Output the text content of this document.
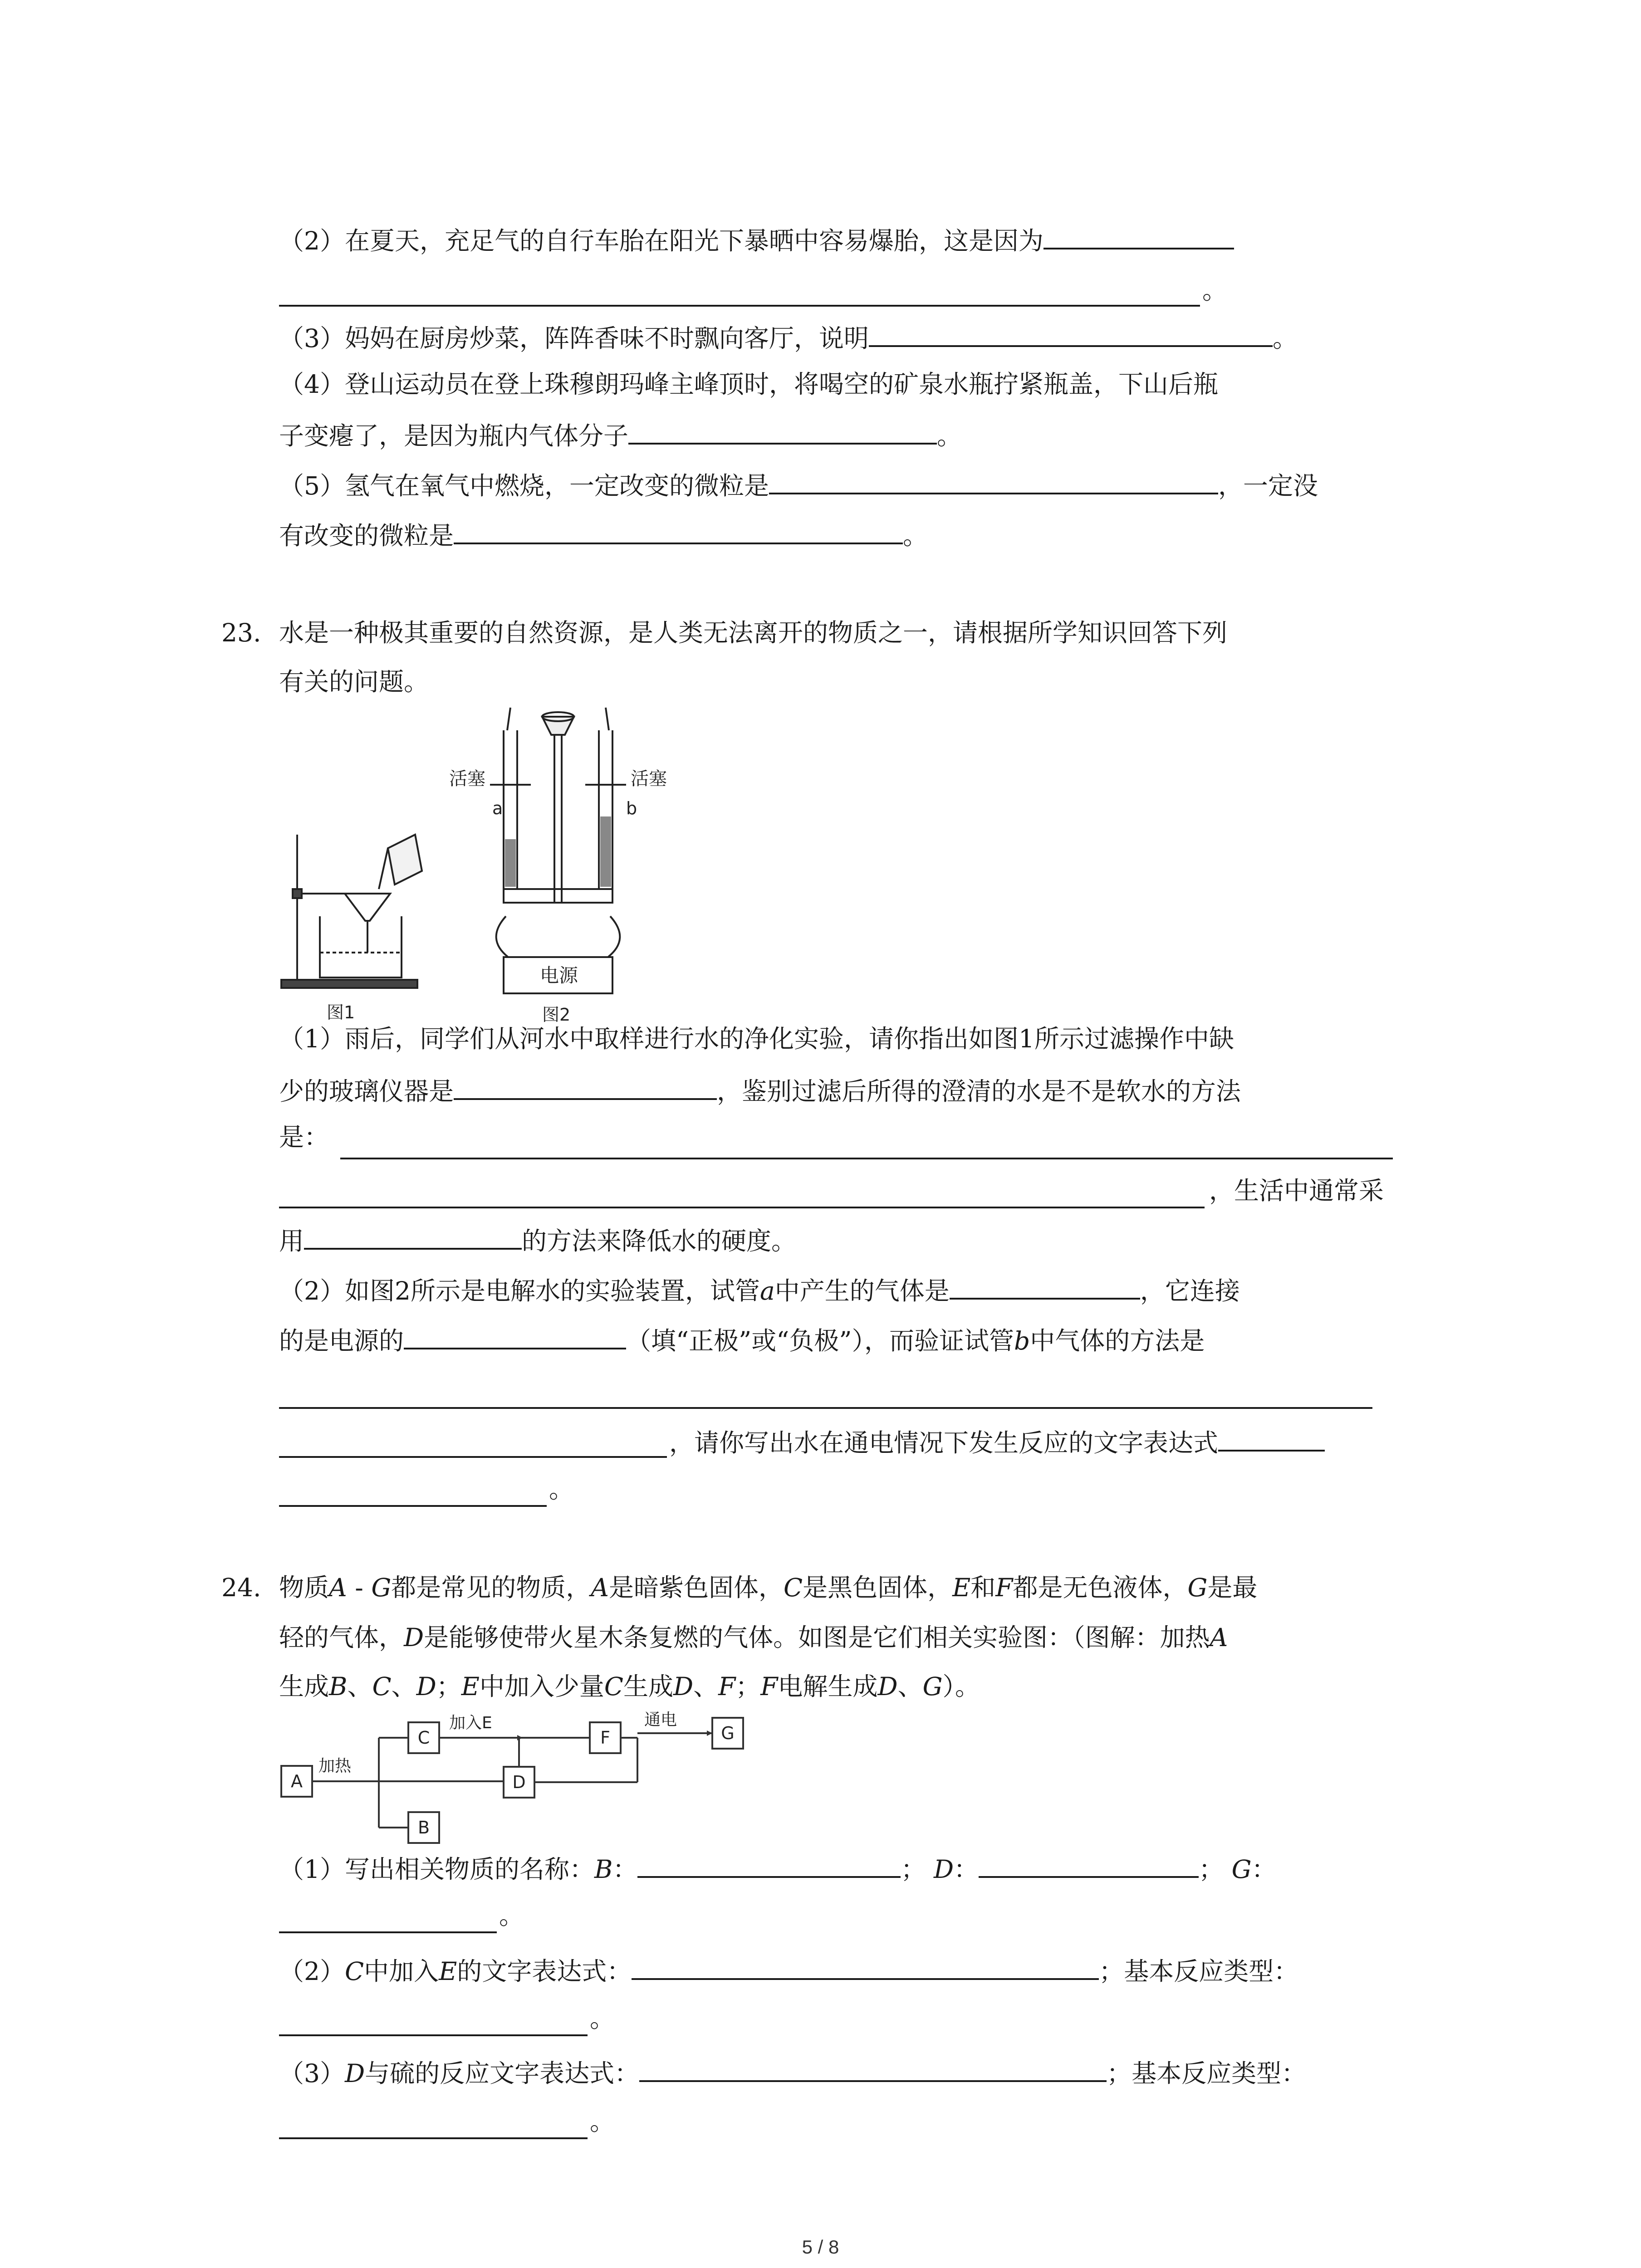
（2）在夏天，充足气的自行车胎在阳光下暴晒中容易爆胎，这是因为
。
（3）妈妈在厨房炒菜，阵阵香味不时飘向客厅，说明	。
（4）登山运动员在登上珠穆朗玛峰主峰顶时，将喝空的矿泉水瓶拧紧瓶盖，下山后瓶
子变瘪了，是因为瓶内气体分子	。
（5）氢气在氧气中燃烧，一定改变的微粒是	，一定没
有改变的微粒是	。
23. 水是一种极其重要的自然资源，是人类无法离开的物质之一，请根据所学知识回答下列
有关的问题。
图1
活塞	活塞
a	b
电源
图2
（1）雨后，同学们从河水中取样进行水的净化实验，请你指出如图1所示过滤操作中缺
少的玻璃仪器是	，鉴别过滤后所得的澄清的水是不是软水的方法
是：
，生活中通常采
用	的方法来降低水的硬度。
（2）如图2所示是电解水的实验装置，试管a中产生的气体是	，它连接
的是电源的	（填“正极”或“负极”），而验证试管b中气体的方法是
，请你写出水在通电情况下发生反应的文字表达式
。
24. 物质A - G都是常见的物质，A是暗紫色固体，C是黑色固体，E和F都是无色液体，G是最
轻的气体，D是能够使带火星木条复燃的气体。如图是它们相关实验图：（图解：加热A
生成B、C、D；E中加入少量C生成D、F；F电解生成D、G）。
A
C
B
D
F	G
加热
加入E	通电
（1）写出相关物质的名称：B：	； D：	； G：
。
（2）C中加入E的文字表达式：	；基本反应类型：
。
（3）D与硫的反应文字表达式：	；基本反应类型：
。
5 / 8
